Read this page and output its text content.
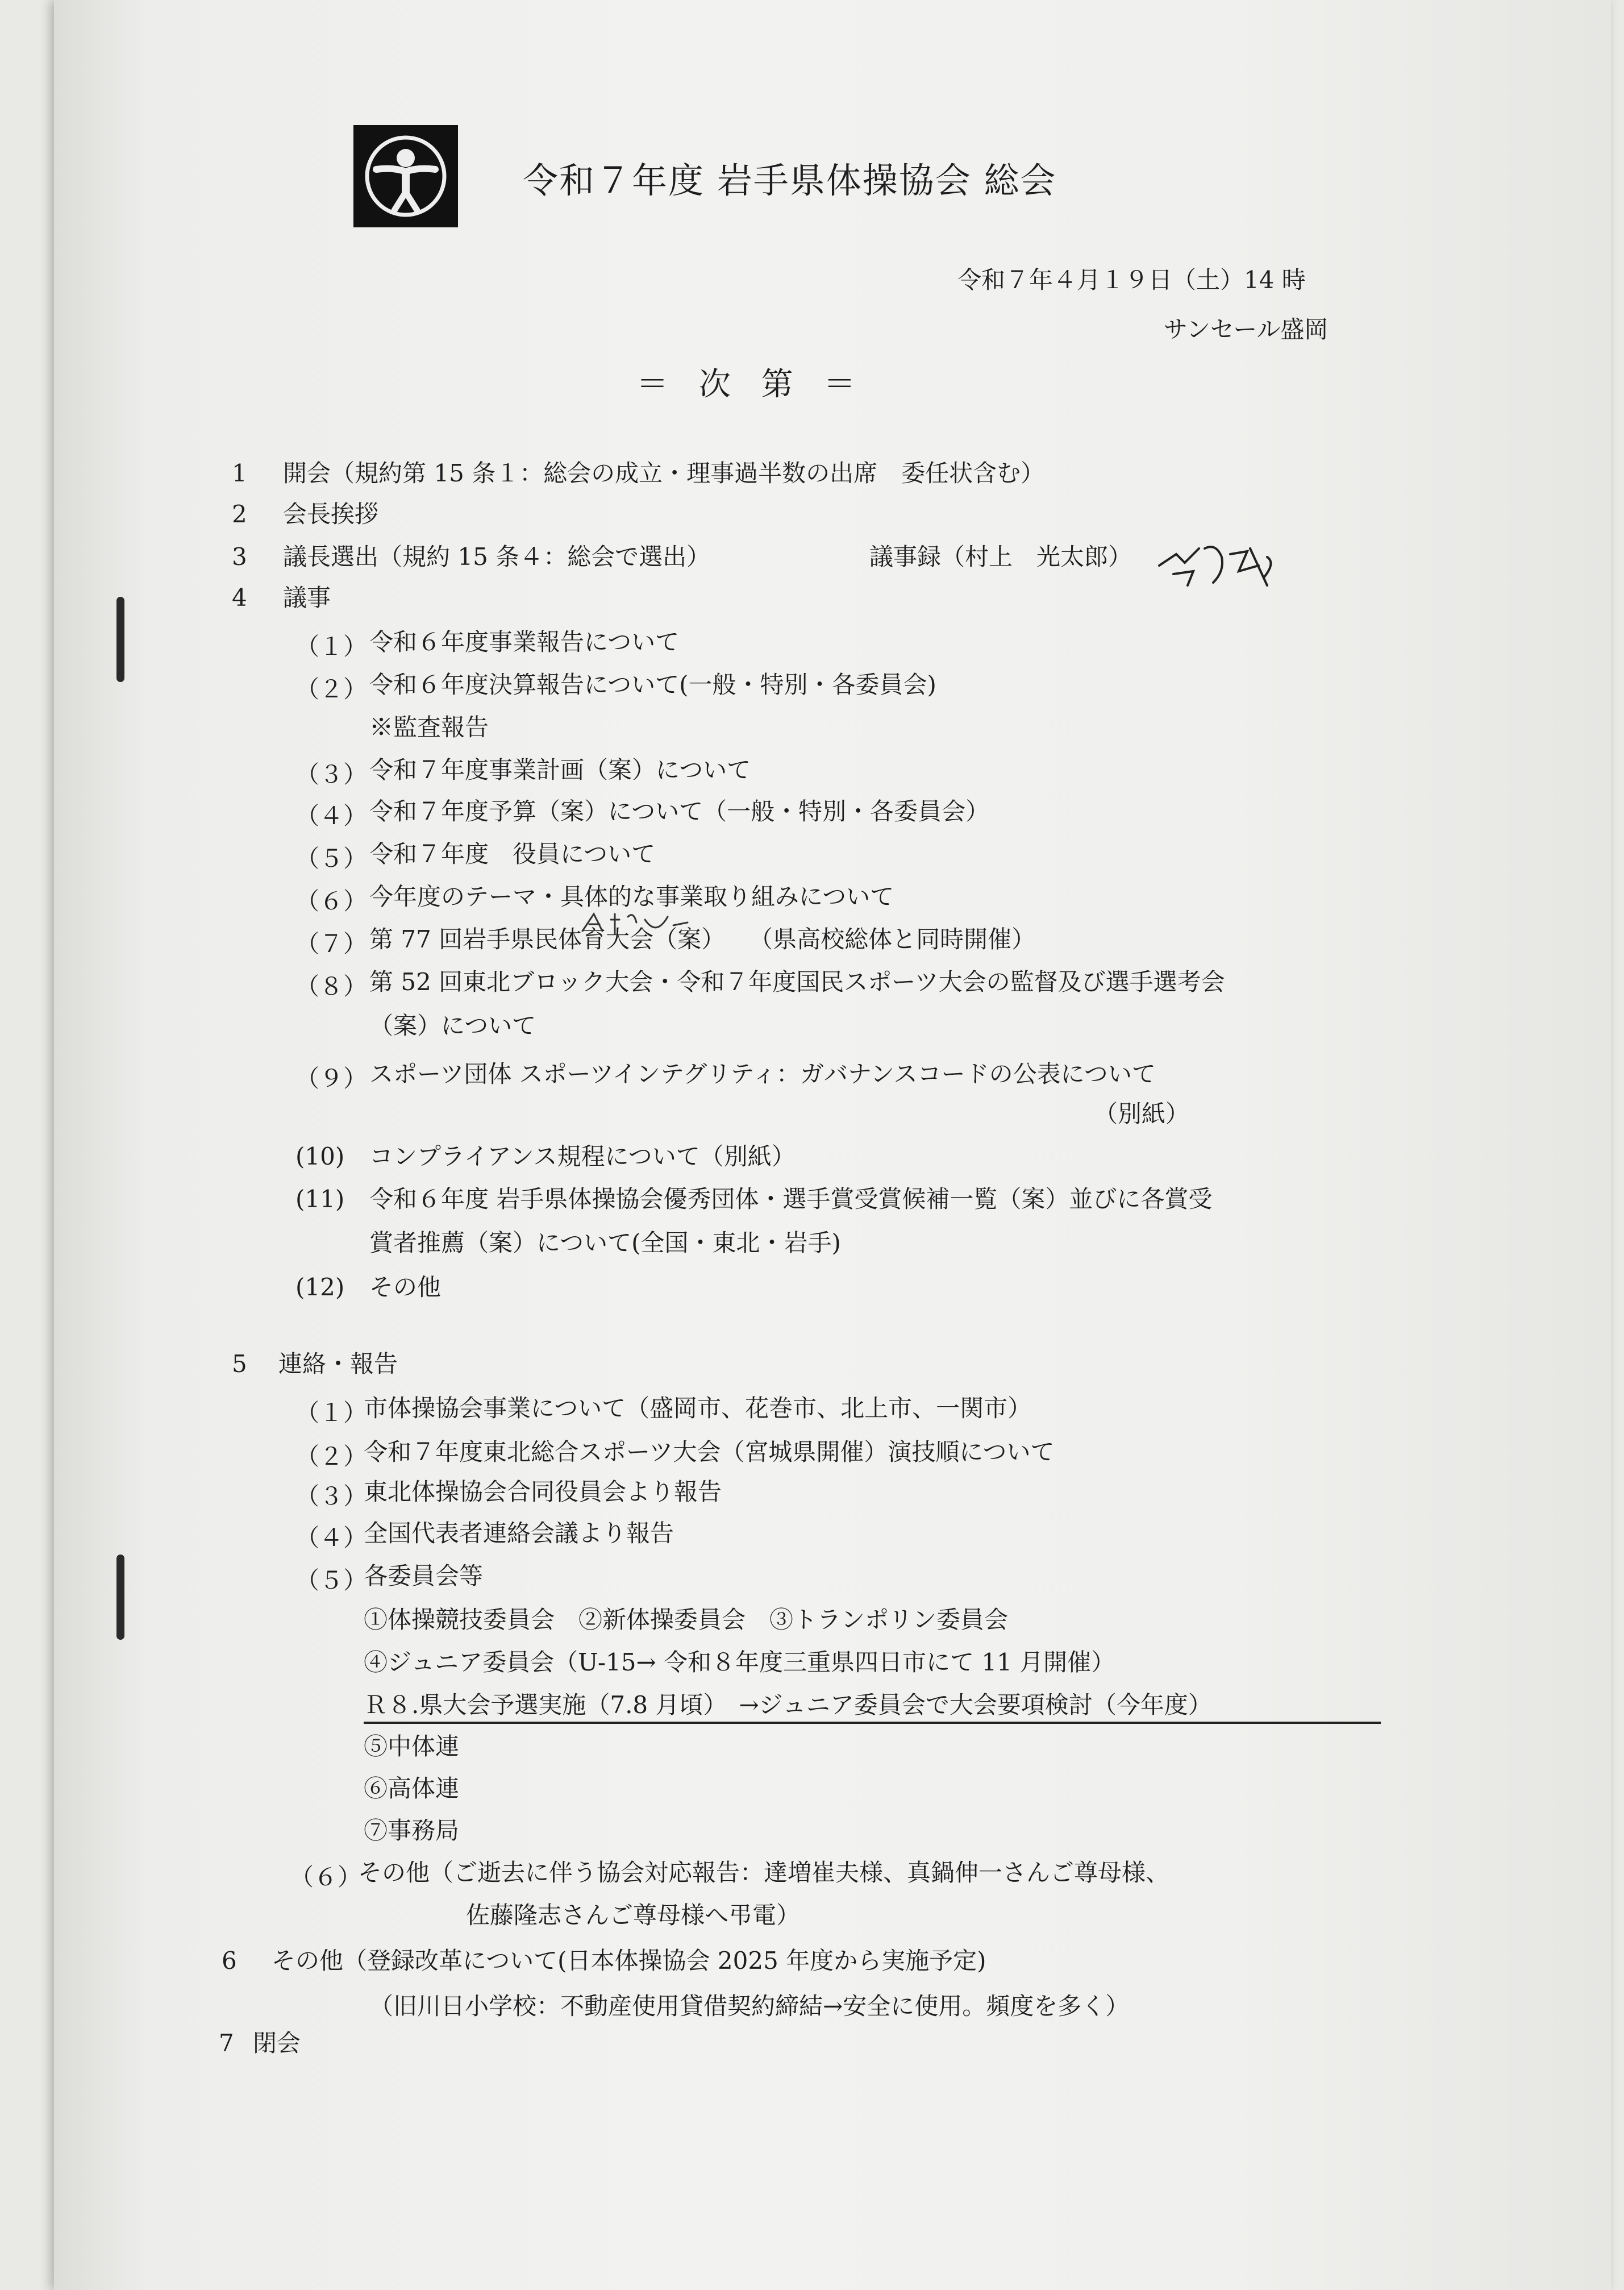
令和７年度 岩手県体操協会 総会
令和７年４月１９日（土）14 時
サンセール盛岡
＝ 次 第 ＝
1 開会（規約第 15 条１：総会の成立・理事過半数の出席　委任状含む）
2 会長挨拶
3 議長選出（規約 15 条４：総会で選出）	議事録（村上　光太郎）
4 議事
（１） 令和６年度事業報告について
（２） 令和６年度決算報告について(一般・特別・各委員会)
※監査報告
（３） 令和７年度事業計画（案）について
（４） 令和７年度予算（案）について（一般・特別・各委員会）
（５） 令和７年度　役員について
（６） 今年度のテーマ・具体的な事業取り組みについて
（７） 第 77 回岩手県民体育大会（案）　　（県高校総体と同時開催）
（８） 第 52 回東北ブロック大会・令和７年度国民スポーツ大会の監督及び選手選考会
（案）について
（９） スポーツ団体 スポーツインテグリティ：ガバナンスコードの公表について
（別紙）
(10) コンプライアンス規程について（別紙）
(11) 令和６年度 岩手県体操協会優秀団体・選手賞受賞候補一覧（案）並びに各賞受
賞者推薦（案）について(全国・東北・岩手)
(12) その他
5 連絡・報告
（１）
市体操協会事業について（盛岡市、花巻市、北上市、一関市）
（２）
令和７年度東北総合スポーツ大会（宮城県開催）演技順について
（３）
東北体操協会合同役員会より報告
（４）
全国代表者連絡会議より報告
（５）
各委員会等
①体操競技委員会　②新体操委員会　③トランポリン委員会
④ジュニア委員会（U-15→ 令和８年度三重県四日市にて 11 月開催）
Ｒ８.県大会予選実施（7.8 月頃）　→ジュニア委員会で大会要項検討（今年度）
⑤中体連
⑥高体連
⑦事務局
（６）
その他（ご逝去に伴う協会対応報告：達増崔夫様、真鍋伸一さんご尊母様、
佐藤隆志さんご尊母様へ弔電）
6 その他（登録改革について(日本体操協会 2025 年度から実施予定)
（旧川日小学校：不動産使用貸借契約締結→安全に使用。頻度を多く）
7 閉会
